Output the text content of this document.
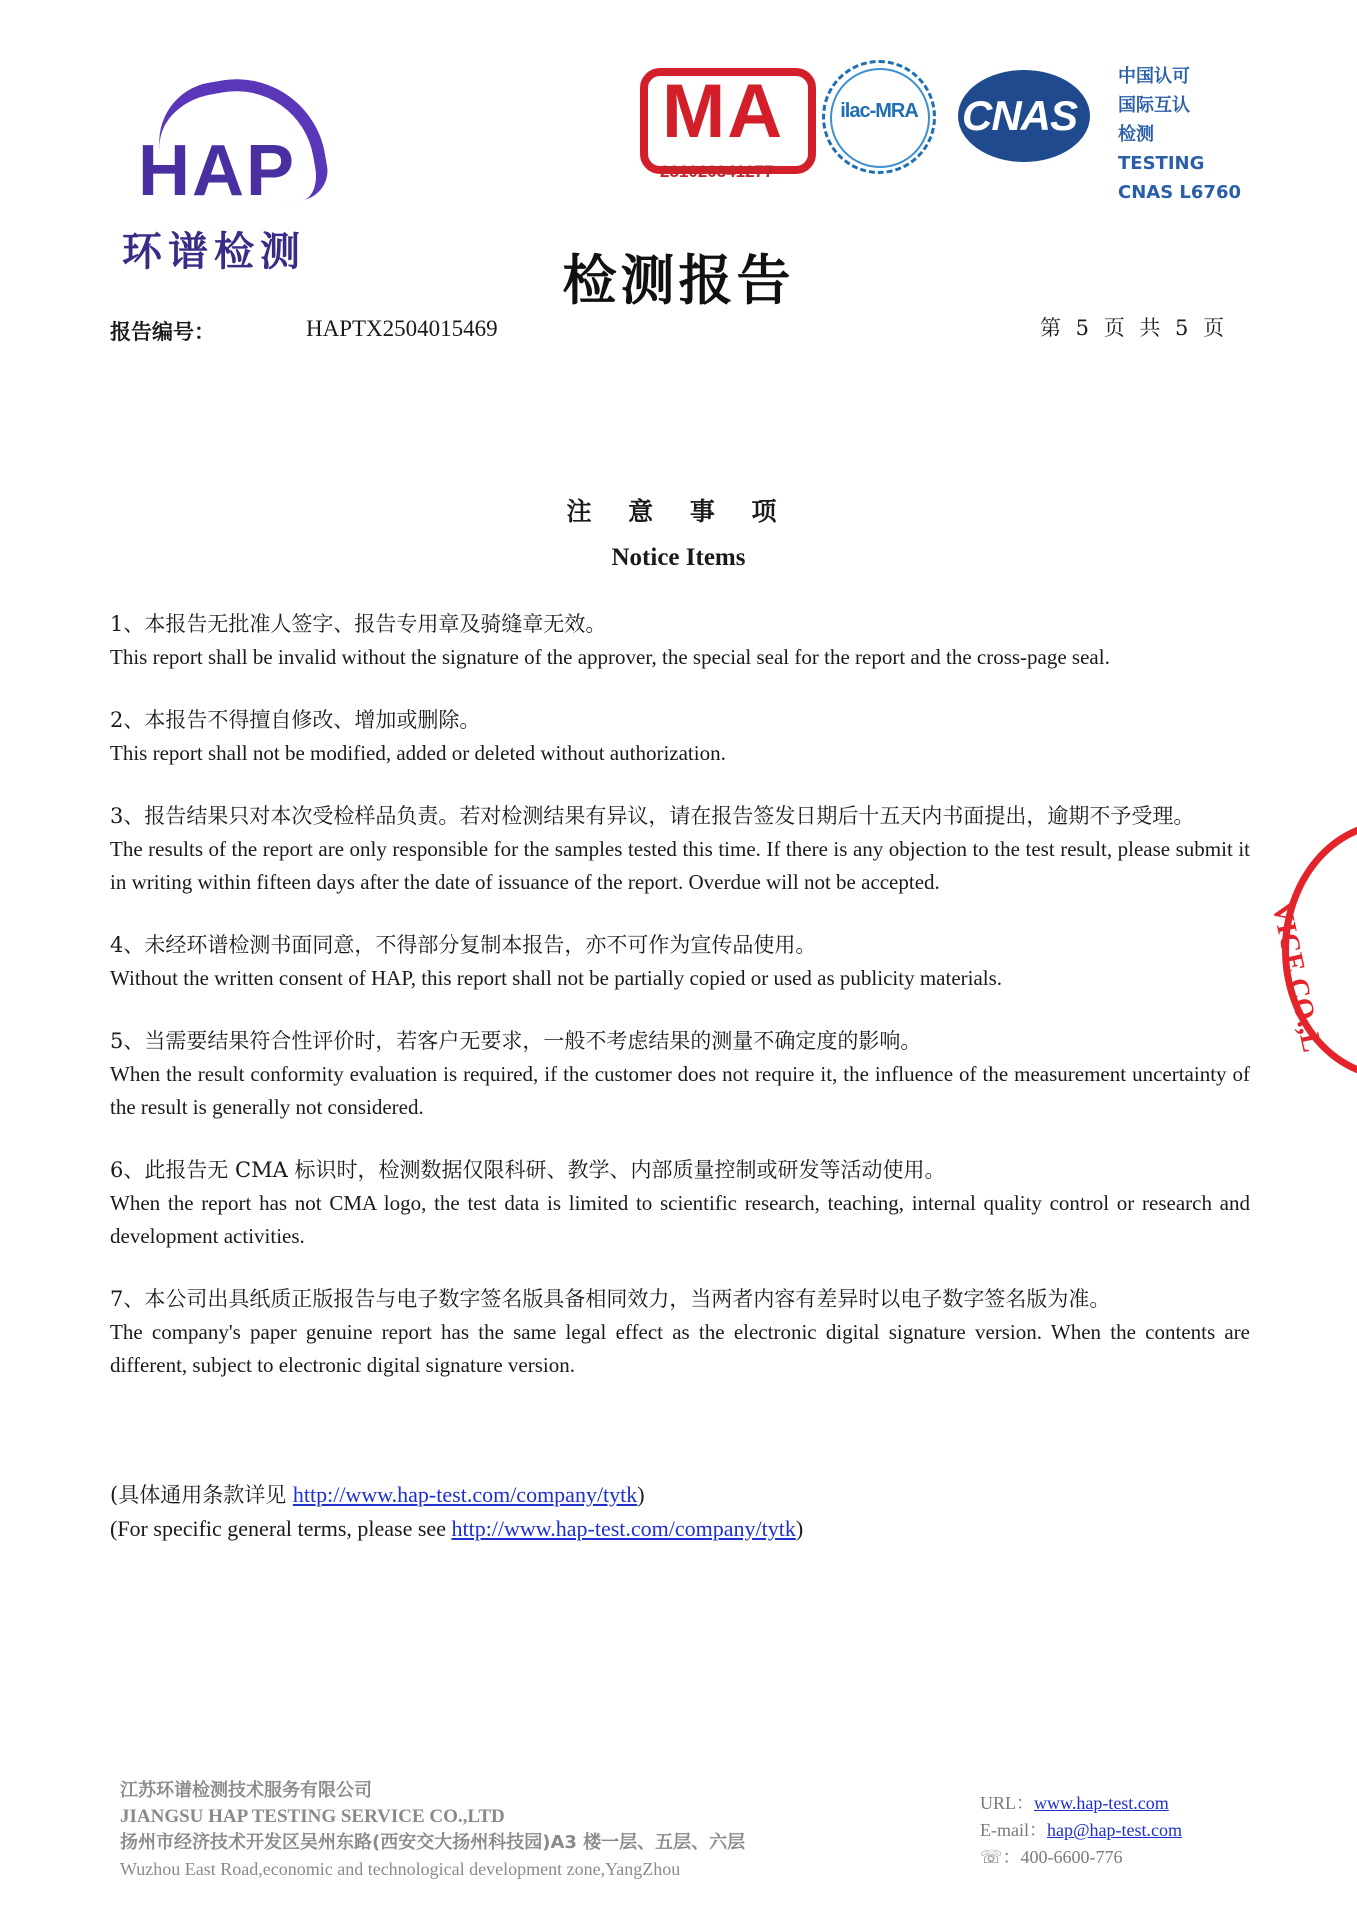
HAP
环谱检测
MA
231020341277
ilac-MRA	CNAS
中国认可
国际互认
检测
TESTING
CNAS L6760
检测报告
报告编号：	HAPTX2504015469	第 5 页 共 5 页
注 意 事 项
Notice Items
1、本报告无批准人签字、报告专用章及骑缝章无效。
This report shall be invalid without the signature of the approver, the special seal for the report and the cross-page seal.
2、本报告不得擅自修改、增加或删除。
This report shall not be modified, added or deleted without authorization.
3、报告结果只对本次受检样品负责。若对检测结果有异议，请在报告签发日期后十五天内书面提出，逾期不予受理。
The results of the report are only responsible for the samples tested this time. If there is any objection to the test result, please submit it in writing within fifteen days after the date of issuance of the report. Overdue will not be accepted.
4、未经环谱检测书面同意，不得部分复制本报告，亦不可作为宣传品使用。
Without the written consent of HAP, this report shall not be partially copied or used as publicity materials.
5、当需要结果符合性评价时，若客户无要求，一般不考虑结果的测量不确定度的影响。
When the result conformity evaluation is required, if the customer does not require it, the influence of the measurement uncertainty of the result is generally not considered.
6、此报告无 CMA 标识时，检测数据仅限科研、教学、内部质量控制或研发等活动使用。
When the report has not CMA logo, the test data is limited to scientific research, teaching, internal quality control or research and development activities.
7、本公司出具纸质正版报告与电子数字签名版具备相同效力，当两者内容有差异时以电子数字签名版为准。
The company's paper genuine report has the same legal effect as the electronic digital signature version. When the contents are different, subject to electronic digital signature version.
(具体通用条款详见 http://www.hap-test.com/company/tytk)
(For specific general terms, please see http://www.hap-test.com/company/tytk)
VICE CO.,L
江苏环谱检测技术服务有限公司
JIANGSU HAP TESTING SERVICE CO.,LTD
扬州市经济技术开发区吴州东路(西安交大扬州科技园)A3 楼一层、五层、六层
Wuzhou East Road,economic and technological development zone,YangZhou
URL：www.hap-test.com
E-mail：hap@hap-test.com
☏：400-6600-776
